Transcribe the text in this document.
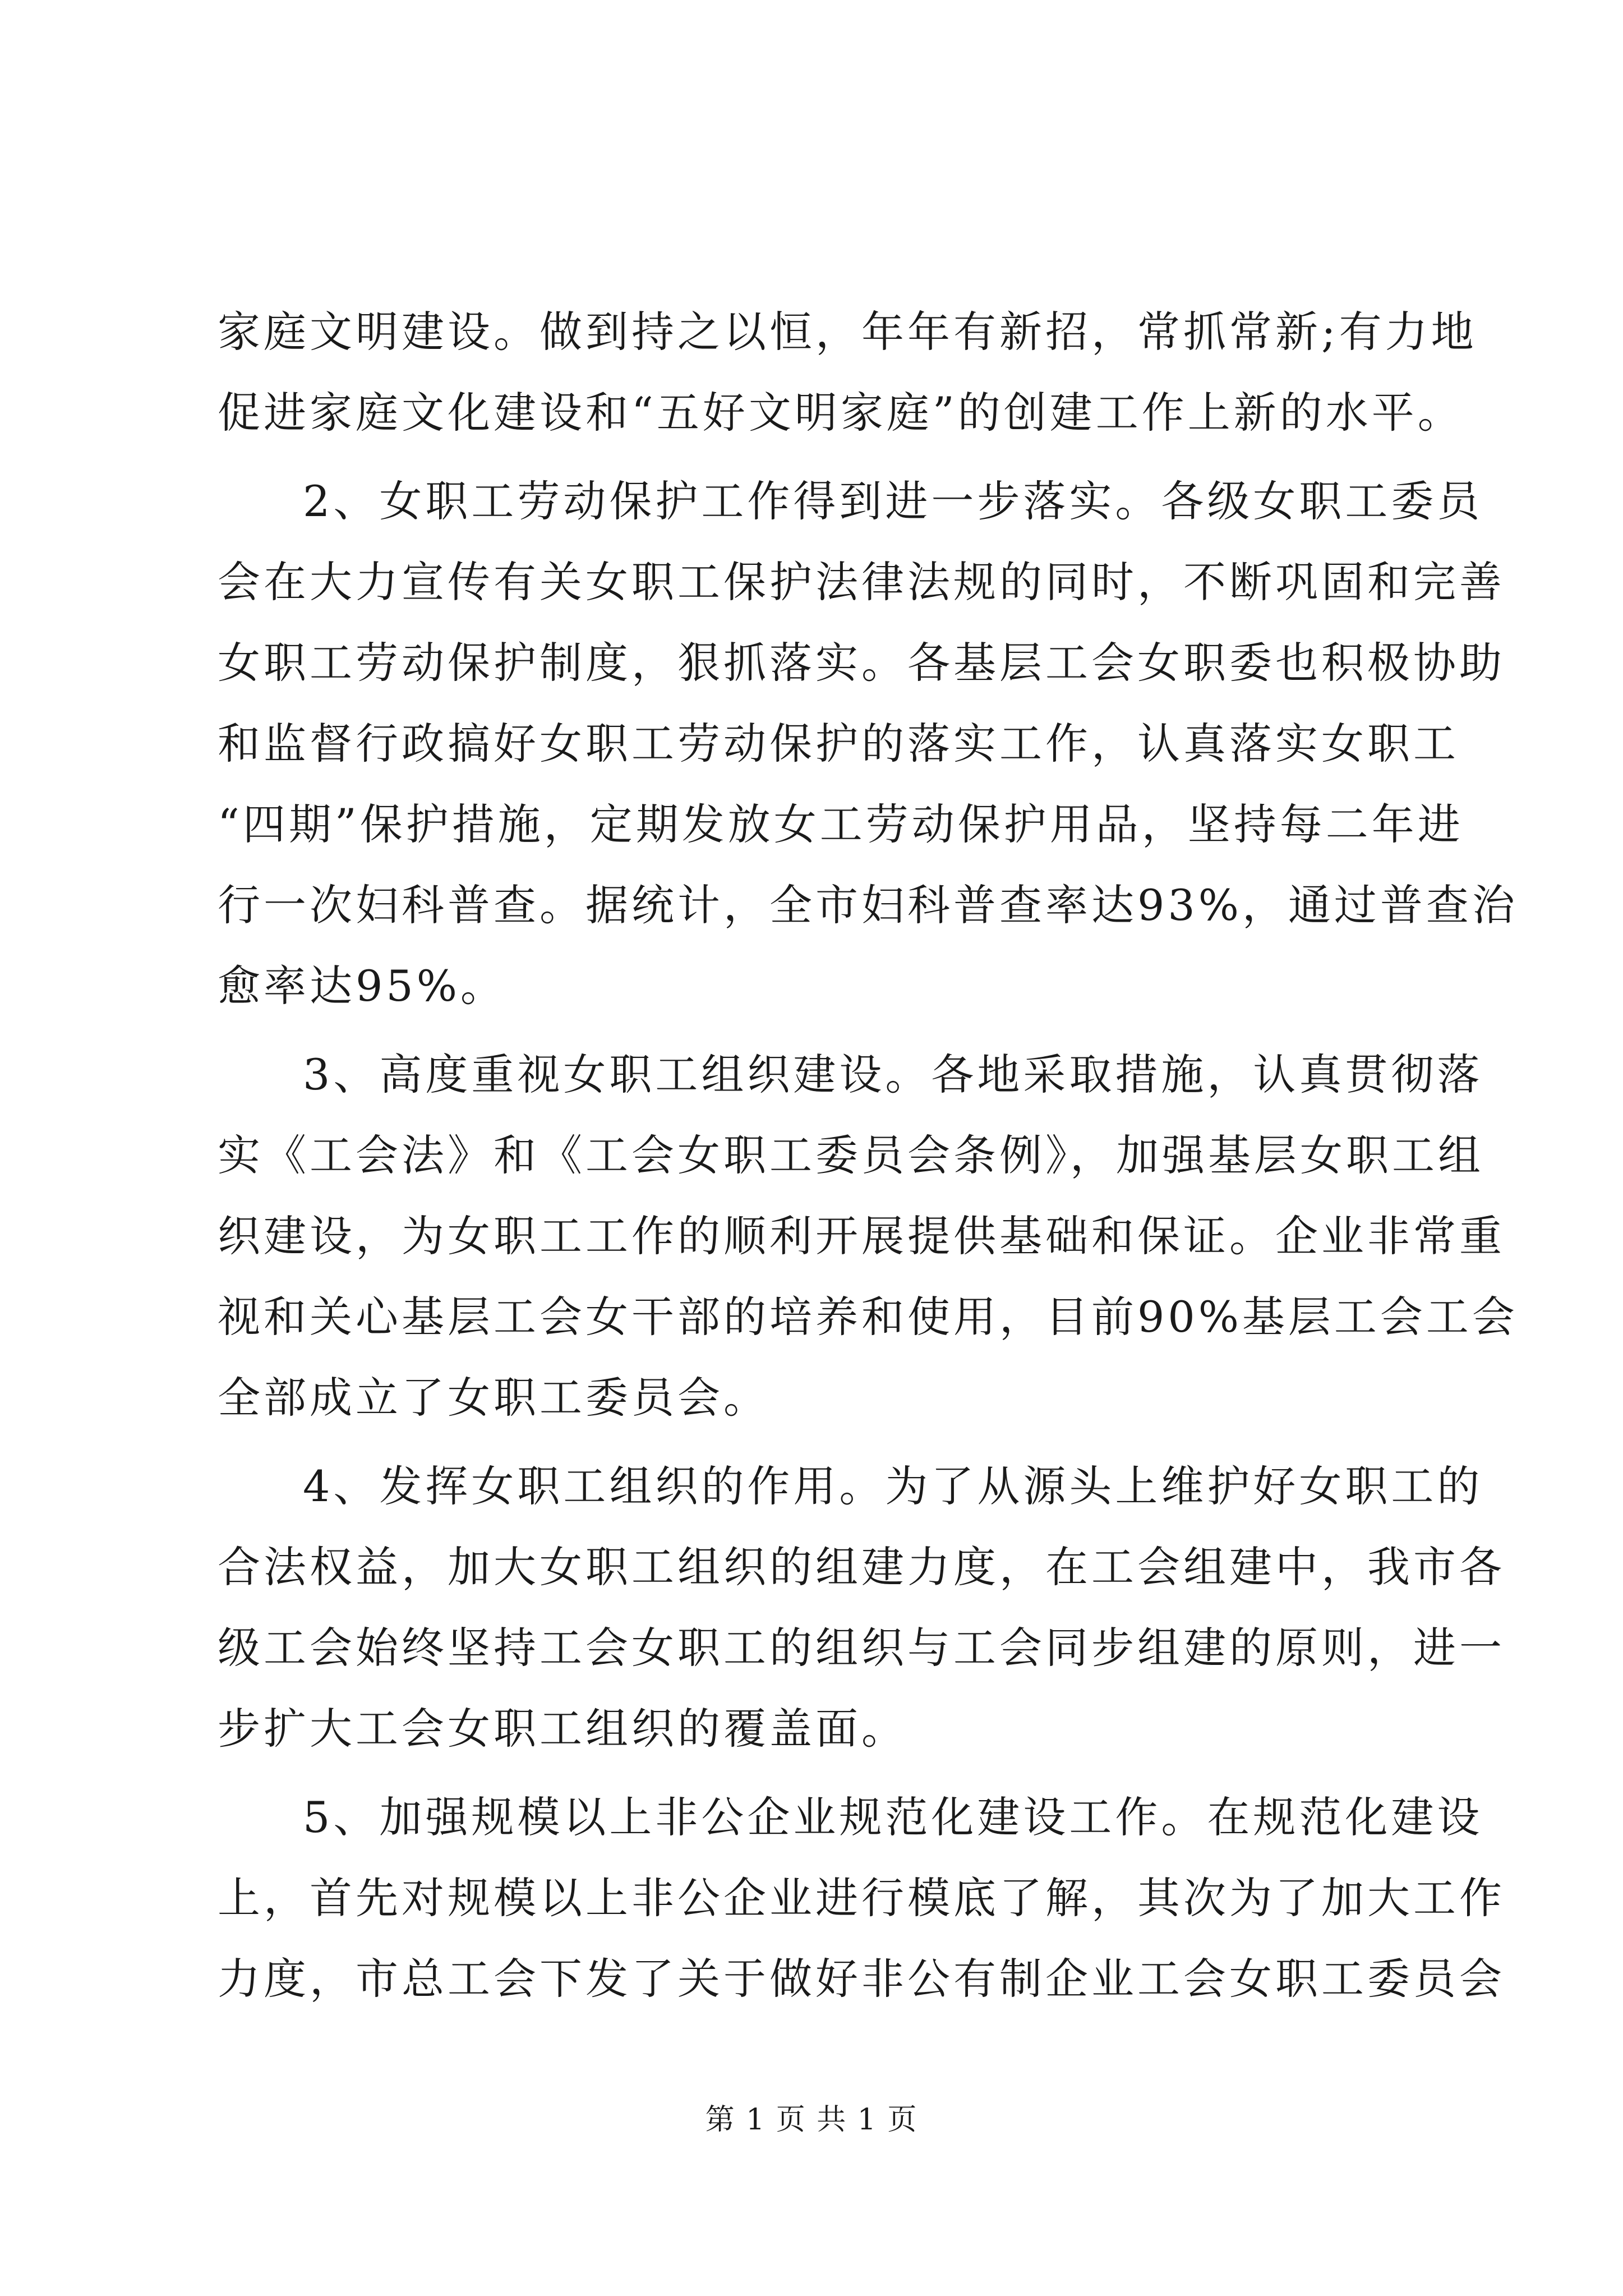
家庭文明建设。做到持之以恒，年年有新招，常抓常新;有力地
促进家庭文化建设和“五好文明家庭”的创建工作上新的水平。
2、女职工劳动保护工作得到进一步落实。各级女职工委员
会在大力宣传有关女职工保护法律法规的同时，不断巩固和完善
女职工劳动保护制度，狠抓落实。各基层工会女职委也积极协助
和监督行政搞好女职工劳动保护的落实工作，认真落实女职工
“四期”保护措施，定期发放女工劳动保护用品，坚持每二年进
行一次妇科普查。据统计，全市妇科普查率达93%，通过普查治
愈率达95%。
3、高度重视女职工组织建设。各地采取措施，认真贯彻落
实《工会法》和《工会女职工委员会条例》，加强基层女职工组
织建设，为女职工工作的顺利开展提供基础和保证。企业非常重
视和关心基层工会女干部的培养和使用，目前90%基层工会工会
全部成立了女职工委员会。
4、发挥女职工组织的作用。为了从源头上维护好女职工的
合法权益，加大女职工组织的组建力度，在工会组建中，我市各
级工会始终坚持工会女职工的组织与工会同步组建的原则，进一
步扩大工会女职工组织的覆盖面。
5、加强规模以上非公企业规范化建设工作。在规范化建设
上，首先对规模以上非公企业进行模底了解，其次为了加大工作
力度，市总工会下发了关于做好非公有制企业工会女职工委员会
第 1 页 共 1 页
